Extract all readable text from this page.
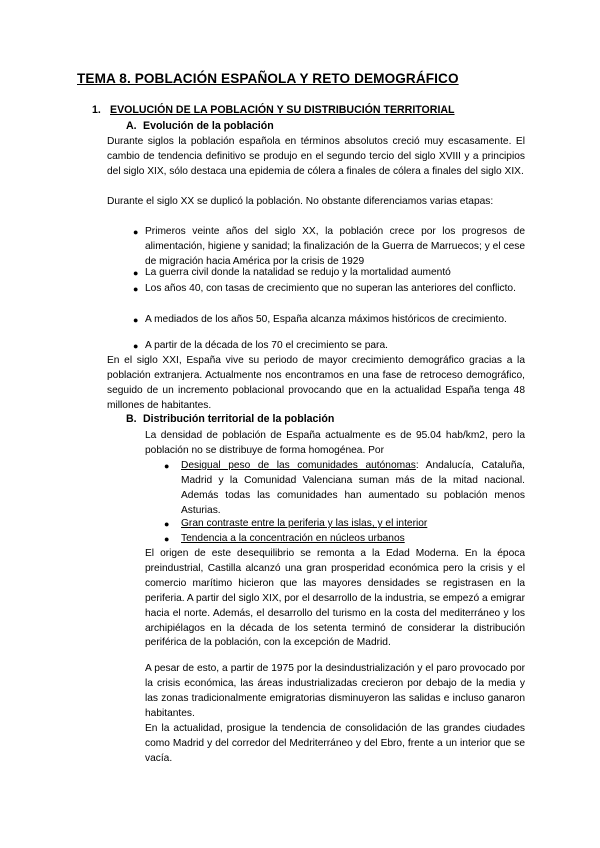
TEMA 8. POBLACIÓN ESPAÑOLA Y RETO DEMOGRÁFICO
1. EVOLUCIÓN DE LA POBLACIÓN Y SU DISTRIBUCIÓN TERRITORIAL
A. Evolución de la población
Durante siglos la población española en términos absolutos creció muy escasamente. El cambio de tendencia definitivo se produjo en el segundo tercio del siglo XVIII y a principios del siglo XIX, sólo destaca una epidemia de cólera a finales de cólera a finales del siglo XIX.
Durante el siglo XX se duplicó la población. No obstante diferenciamos varias etapas:
● Primeros veinte años del siglo XX, la población crece por los progresos de alimentación, higiene y sanidad; la finalización de la Guerra de Marruecos; y el cese de migración hacia América por la crisis de 1929
● La guerra civil donde la natalidad se redujo y la mortalidad aumentó
● Los años 40, con tasas de crecimiento que no superan las anteriores del conflicto.
● A mediados de los años 50, España alcanza máximos históricos de crecimiento.
● A partir de la década de los 70 el crecimiento se para.
En el siglo XXI, España vive su periodo de mayor crecimiento demográfico gracias a la población extranjera. Actualmente nos encontramos en una fase de retroceso demográfico, seguido de un incremento poblacional provocando que en la actualidad España tenga 48 millones de habitantes.
B. Distribución territorial de la población
La densidad de población de España actualmente es de 95.04 hab/km2, pero la población no se distribuye de forma homogénea. Por
● Desigual peso de las comunidades autónomas: Andalucía, Cataluña, Madrid y la Comunidad Valenciana suman más de la mitad nacional. Además todas las comunidades han aumentado su población menos Asturias.
● Gran contraste entre la periferia y las islas, y el interior
● Tendencia a la concentración en núcleos urbanos
El origen de este desequilibrio se remonta a la Edad Moderna. En la época preindustrial, Castilla alcanzó una gran prosperidad económica pero la crisis y el comercio marítimo hicieron que las mayores densidades se registrasen en la periferia. A partir del siglo XIX, por el desarrollo de la industria, se empezó a emigrar hacia el norte. Además, el desarrollo del turismo en la costa del mediterráneo y los archipiélagos en la década de los setenta terminó de considerar la distribución periférica de la población, con la excepción de Madrid.
A pesar de esto, a partir de 1975 por la desindustrialización y el paro provocado por la crisis económica, las áreas industrializadas crecieron por debajo de la media y las zonas tradicionalmente emigratorias disminuyeron las salidas e incluso ganaron habitantes.
En la actualidad, prosigue la tendencia de consolidación de las grandes ciudades como Madrid y del corredor del Medriterráneo y del Ebro, frente a un interior que se vacía.
